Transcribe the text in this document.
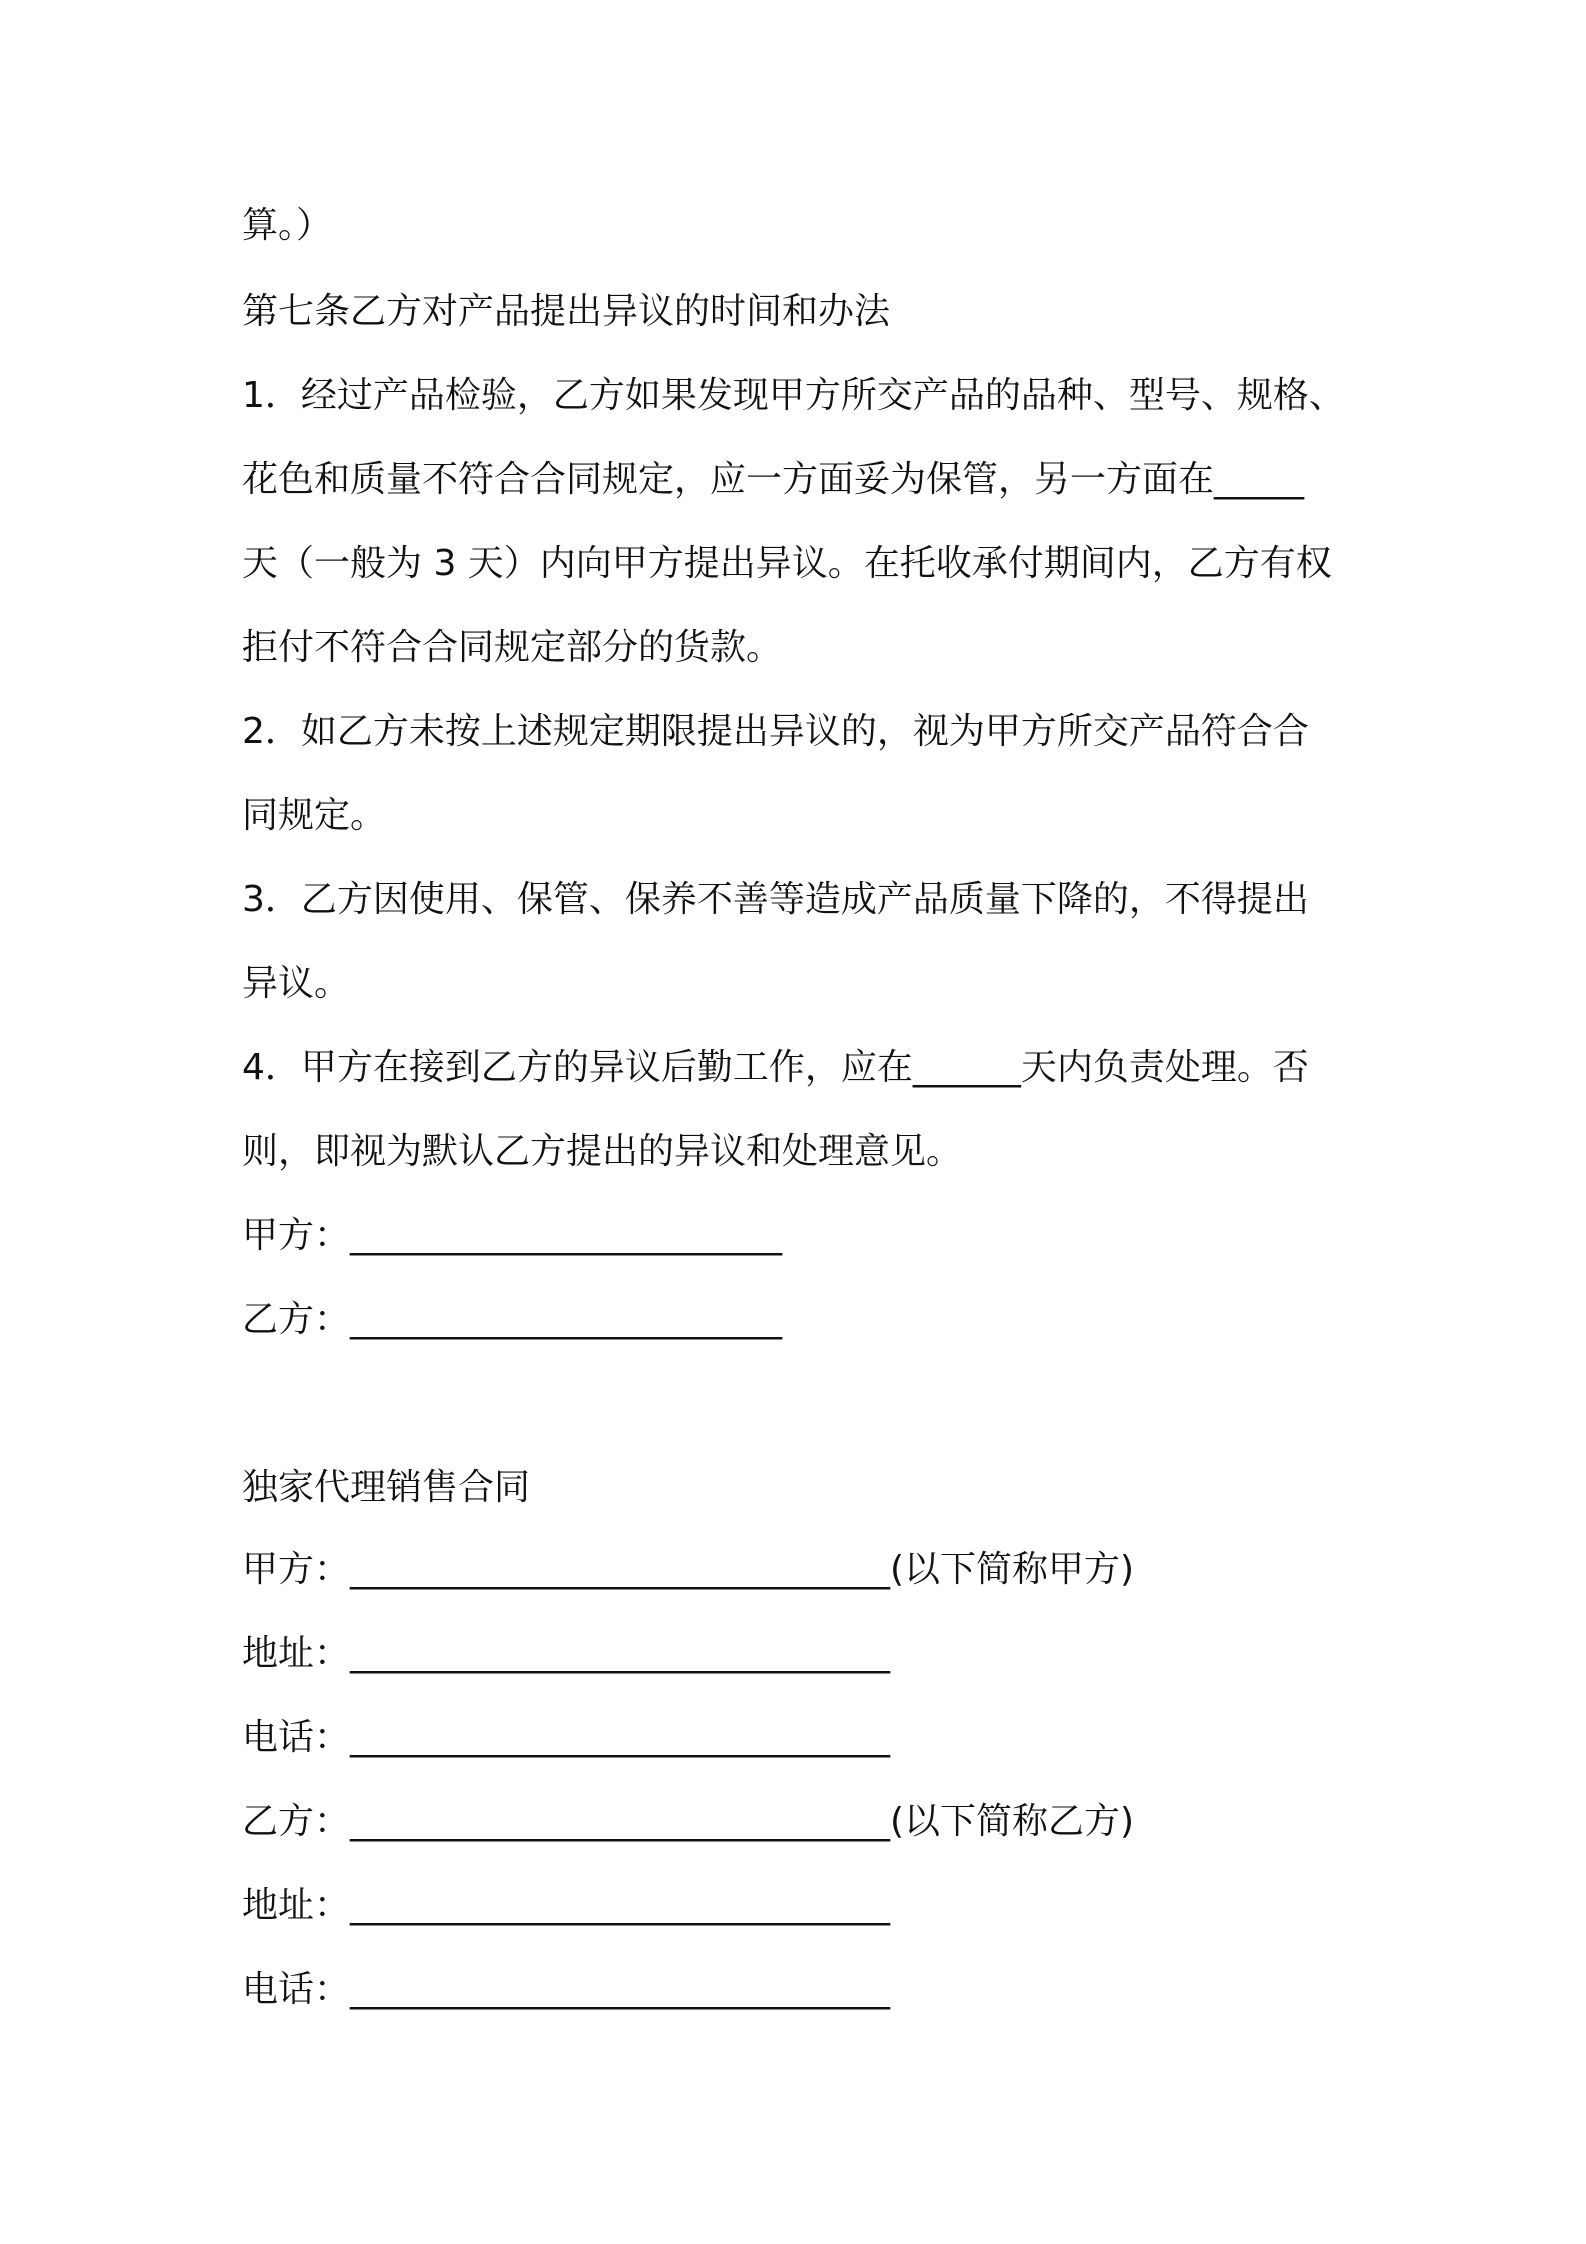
算。）
第七条乙方对产品提出异议的时间和办法
1．经过产品检验，乙方如果发现甲方所交产品的品种、型号、规格、
花色和质量不符合合同规定，应一方面妥为保管，另一方面在_____
天（一般为 3 天）内向甲方提出异议。在托收承付期间内，乙方有权
拒付不符合合同规定部分的货款。
2．如乙方未按上述规定期限提出异议的，视为甲方所交产品符合合
同规定。
3．乙方因使用、保管、保养不善等造成产品质量下降的，不得提出
异议。
4．甲方在接到乙方的异议后勤工作，应在______天内负责处理。否
则，即视为默认乙方提出的异议和处理意见。
甲方：________________________
乙方：________________________
独家代理销售合同
甲方：______________________________(以下简称甲方)
地址：______________________________
电话：______________________________
乙方：______________________________(以下简称乙方)
地址：______________________________
电话：______________________________
